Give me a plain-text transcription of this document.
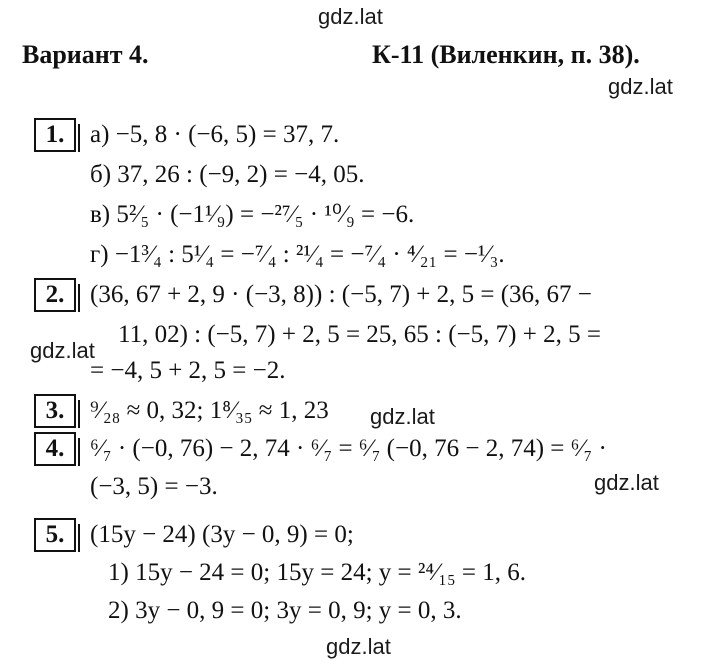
gdz.lat
gdz.lat
gdz.lat
gdz.lat
gdz.lat
gdz.lat
Вариант 4.	К-11 (Виленкин, п. 38).
1.	а) −5, 8 · (−6, 5) = 37, 7.
б) 37, 26 : (−9, 2) = −4, 05.
в) 5²⁄₅ · (−1¹⁄₉) = −²⁷⁄₅ · ¹⁰⁄₉ = −6.
г) −1³⁄₄ : 5¹⁄₄ = −⁷⁄₄ : ²¹⁄₄ = −⁷⁄₄ · ⁴⁄₂₁ = −¹⁄₃.
2.	(36, 67 + 2, 9 · (−3, 8)) : (−5, 7) + 2, 5 = (36, 67 −
11, 02) : (−5, 7) + 2, 5 = 25, 65 : (−5, 7) + 2, 5 =
= −4, 5 + 2, 5 = −2.
3.	⁹⁄₂₈ ≈ 0, 32; 1⁸⁄₃₅ ≈ 1, 23
4.	⁶⁄₇ · (−0, 76) − 2, 74 · ⁶⁄₇ = ⁶⁄₇ (−0, 76 − 2, 74) = ⁶⁄₇ ·
(−3, 5) = −3.
5.	(15y − 24) (3y − 0, 9) = 0;
1) 15y − 24 = 0; 15y = 24; y = ²⁴⁄₁₅ = 1, 6.
2) 3y − 0, 9 = 0; 3y = 0, 9; y = 0, 3.
